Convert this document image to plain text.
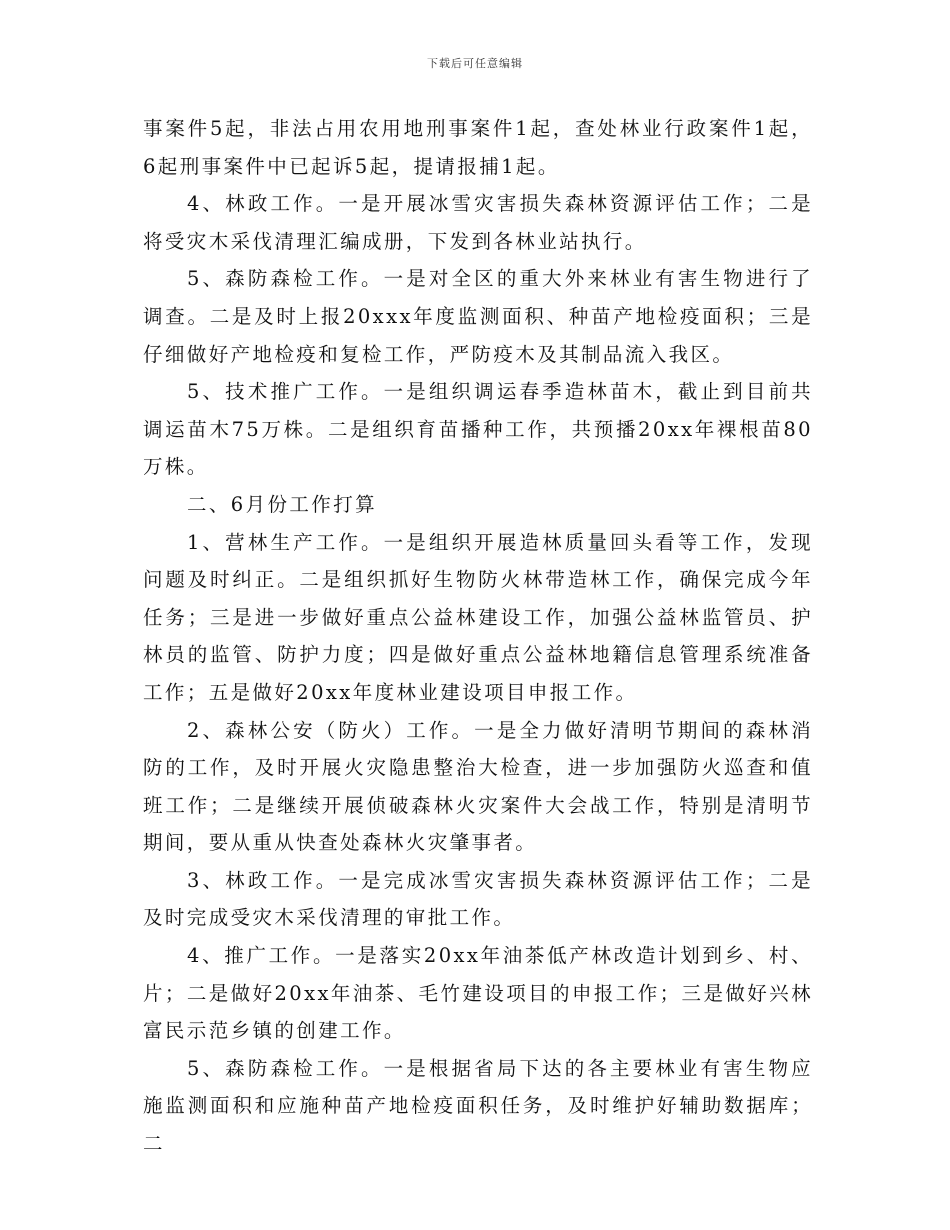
下载后可任意编辑

事案件5起，非法占用农用地刑事案件1起，查处林业行政案件1起，6起刑事案件中已起诉5起，提请报捕1起。

4、林政工作。一是开展冰雪灾害损失森林资源评估工作；二是将受灾木采伐清理汇编成册，下发到各林业站执行。

5、森防森检工作。一是对全区的重大外来林业有害生物进行了调查。二是及时上报20xxx年度监测面积、种苗产地检疫面积；三是仔细做好产地检疫和复检工作，严防疫木及其制品流入我区。

5、技术推广工作。一是组织调运春季造林苗木，截止到目前共调运苗木75万株。二是组织育苗播种工作，共预播20xx年裸根苗80万株。

二、6月份工作打算

1、营林生产工作。一是组织开展造林质量回头看等工作，发现问题及时纠正。二是组织抓好生物防火林带造林工作，确保完成今年任务；三是进一步做好重点公益林建设工作，加强公益林监管员、护林员的监管、防护力度；四是做好重点公益林地籍信息管理系统准备工作；五是做好20xx年度林业建设项目申报工作。

2、森林公安（防火）工作。一是全力做好清明节期间的森林消防的工作，及时开展火灾隐患整治大检查，进一步加强防火巡查和值班工作；二是继续开展侦破森林火灾案件大会战工作，特别是清明节期间，要从重从快查处森林火灾肇事者。

3、林政工作。一是完成冰雪灾害损失森林资源评估工作；二是及时完成受灾木采伐清理的审批工作。

4、推广工作。一是落实20xx年油茶低产林改造计划到乡、村、片；二是做好20xx年油茶、毛竹建设项目的申报工作；三是做好兴林富民示范乡镇的创建工作。

5、森防森检工作。一是根据省局下达的各主要林业有害生物应施监测面积和应施种苗产地检疫面积任务，及时维护好辅助数据库；二
